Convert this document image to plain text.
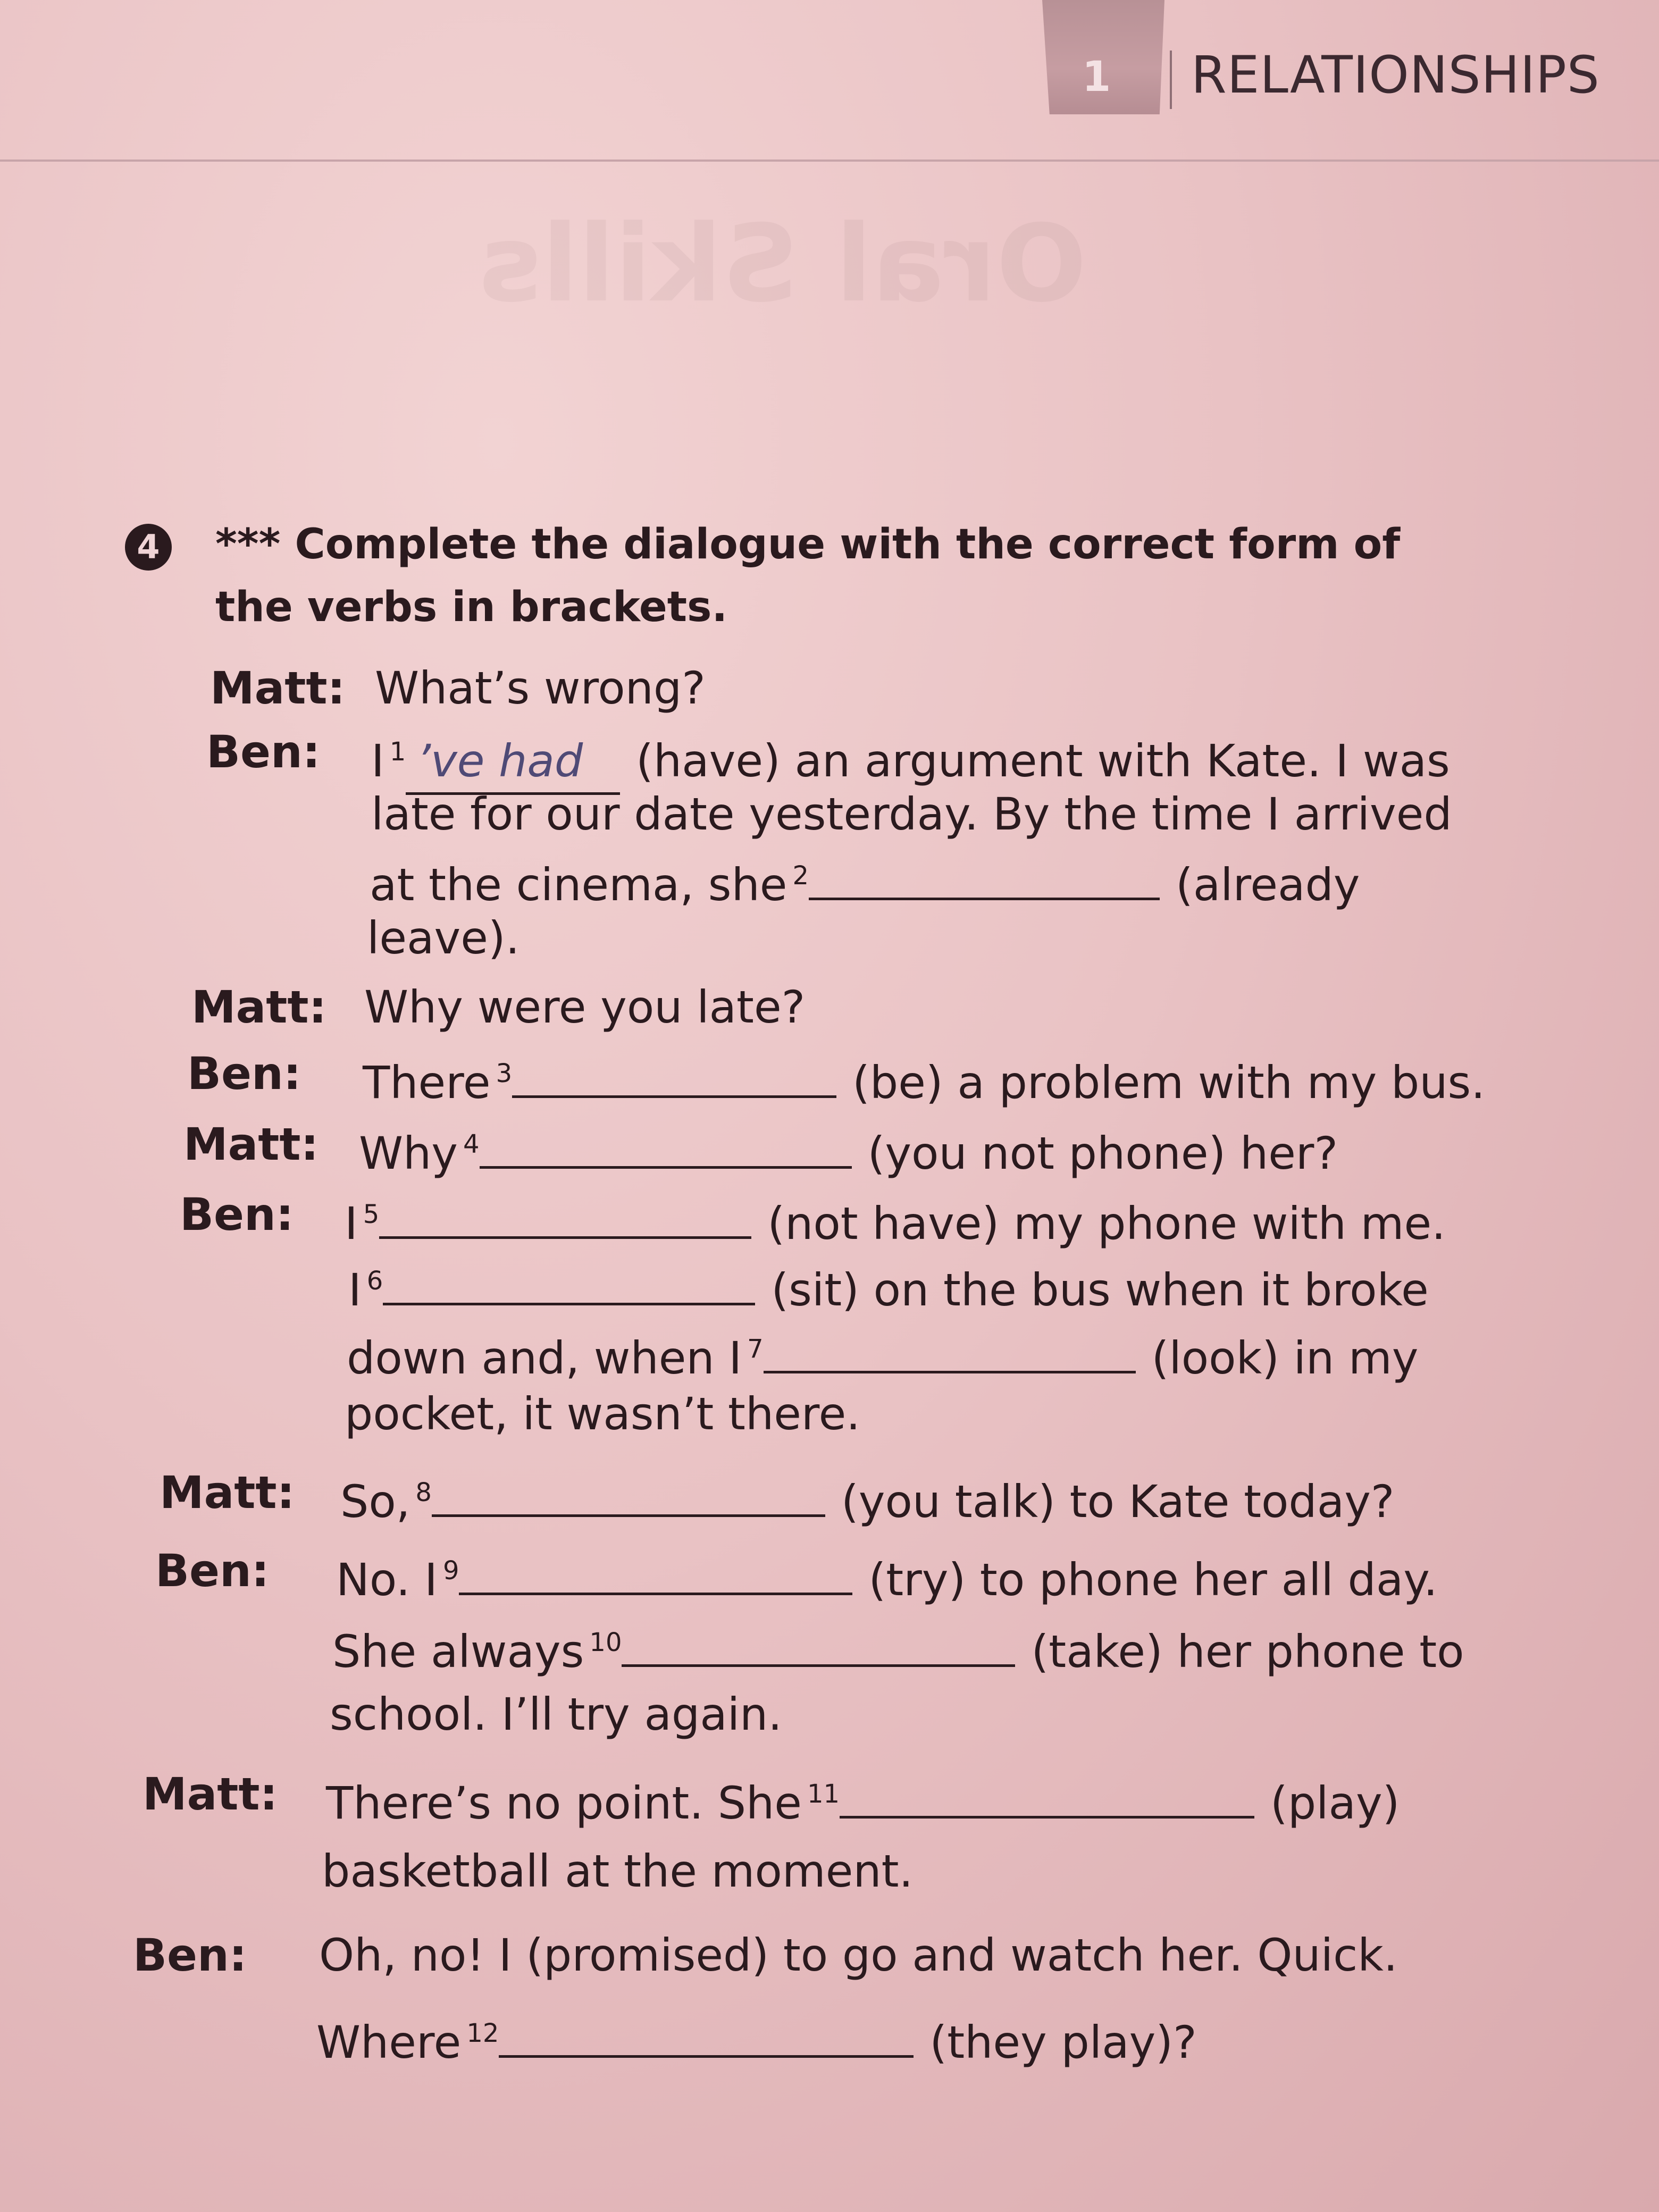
Oral Skills
1 RELATIONSHIPS
4 *** Complete the dialogue with the correct form of
the verbs in brackets.
Matt: What’s wrong?
Ben: I $^1$ ’ve had (have) an argument with Kate. I was
late for our date yesterday. By the time I arrived
at the cinema, she $^2$	(already
leave).
Matt: Why were you late?
Ben: There $^3$	(be) a problem with my bus.
Matt: Why $^4$	(you not phone) her?
Ben: I $^5$	(not have) my phone with me.
I $^6$	(sit) on the bus when it broke
down and, when I $^7$	(look) in my
pocket, it wasn’t there.
Matt: So, $^8$	(you talk) to Kate today?
Ben: No. I $^9$	(try) to phone her all day.
She always $^{10}$	(take) her phone to
school. I’ll try again.
Matt: There’s no point. She $^{11}$	(play)
basketball at the moment.
Ben: Oh, no! I (promised) to go and watch her. Quick.
Where $^{12}$	(they play)?
